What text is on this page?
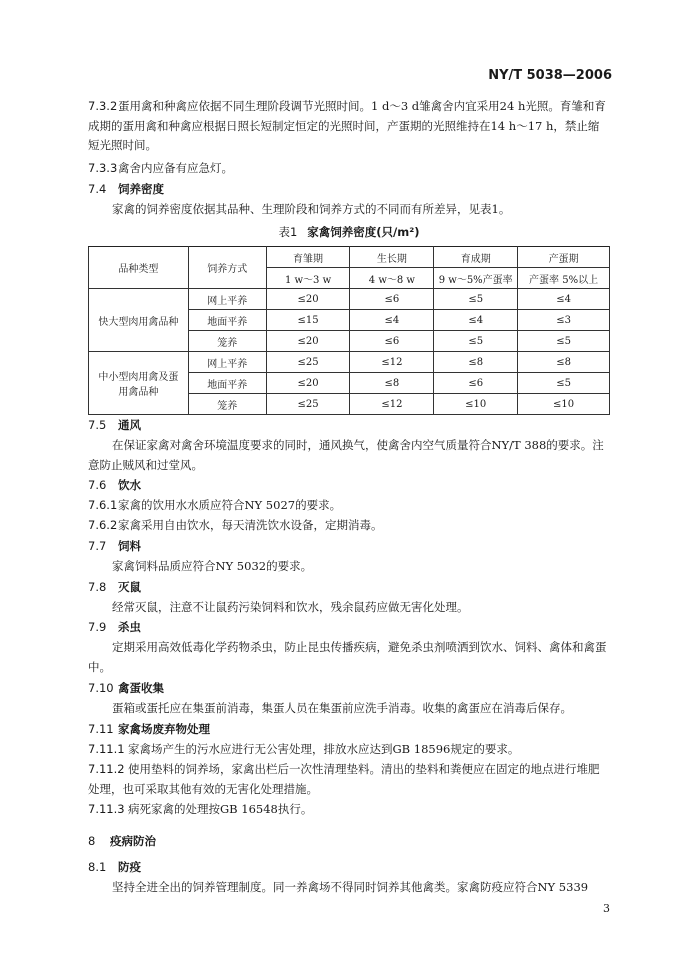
NY/T 5038—2006
7.3.2蛋用禽和种禽应依据不同生理阶段调节光照时间。1 d～3 d雏禽舍内宜采用24 h光照。育雏和育成期的蛋用禽和种禽应根据日照长短制定恒定的光照时间，产蛋期的光照维持在14 h～17 h，禁止缩短光照时间。
7.3.3禽舍内应备有应急灯。
7.4 饲养密度
家禽的饲养密度依据其品种、生理阶段和饲养方式的不同而有所差异，见表1。
表1 家禽饲养密度(只/m²)
品种类型	饲养方式	育雏期	生长期	育成期	产蛋期
		1 w～3 w	4 w～8 w	9 w～5%产蛋率	产蛋率 5%以上
快大型肉用禽品种	网上平养	≤20	≤6	≤5	≤4
	地面平养	≤15	≤4	≤4	≤3
	笼养	≤20	≤6	≤5	≤5
中小型肉用禽及蛋用禽品种	网上平养	≤25	≤12	≤8	≤8
	地面平养	≤20	≤8	≤6	≤5
	笼养	≤25	≤12	≤10	≤10
7.5 通风
在保证家禽对禽舍环境温度要求的同时，通风换气，使禽舍内空气质量符合NY/T 388的要求。注意防止贼风和过堂风。
7.6 饮水
7.6.1家禽的饮用水水质应符合NY 5027的要求。
7.6.2家禽采用自由饮水，每天清洗饮水设备，定期消毒。
7.7 饲料
家禽饲料品质应符合NY 5032的要求。
7.8 灭鼠
经常灭鼠，注意不让鼠药污染饲料和饮水，残余鼠药应做无害化处理。
7.9 杀虫
定期采用高效低毒化学药物杀虫，防止昆虫传播疾病，避免杀虫剂喷洒到饮水、饲料、禽体和禽蛋中。
7.10 禽蛋收集
蛋箱或蛋托应在集蛋前消毒，集蛋人员在集蛋前应洗手消毒。收集的禽蛋应在消毒后保存。
7.11 家禽场废弃物处理
7.11.1 家禽场产生的污水应进行无公害处理，排放水应达到GB 18596规定的要求。
7.11.2 使用垫料的饲养场，家禽出栏后一次性清理垫料。清出的垫料和粪便应在固定的地点进行堆肥处理，也可采取其他有效的无害化处理措施。
7.11.3 病死家禽的处理按GB 16548执行。
8 疫病防治
8.1 防疫
坚持全进全出的饲养管理制度。同一养禽场不得同时饲养其他禽类。家禽防疫应符合NY 5339
3
